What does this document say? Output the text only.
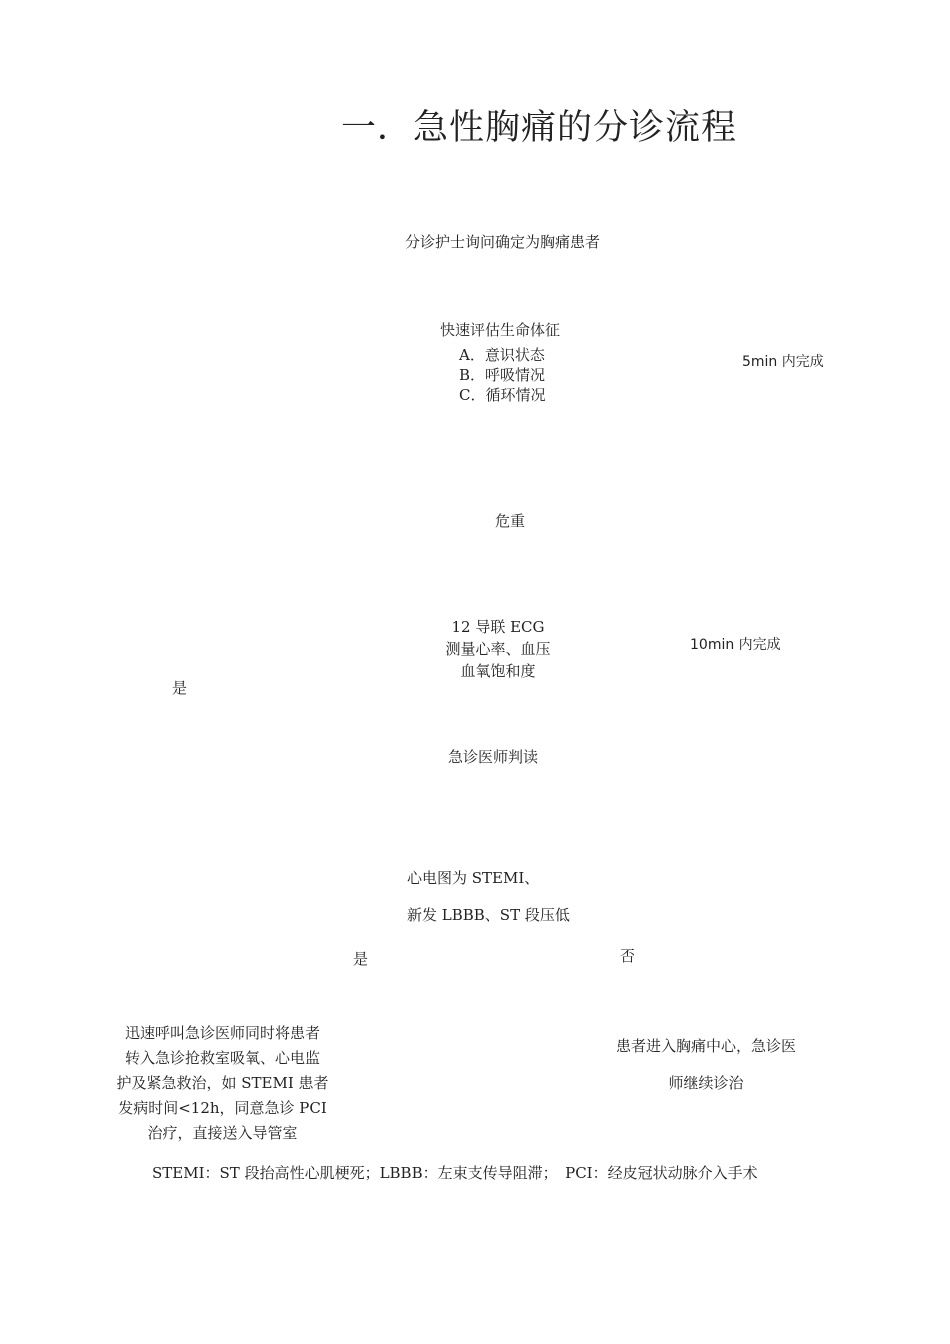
一．急性胸痛的分诊流程
分诊护士询问确定为胸痛患者
快速评估生命体征
A．意识状态
B．呼吸情况
C．循环情况
5min 内完成
危重
是
12 导联 ECG
测量心率、血压
血氧饱和度
10min 内完成
急诊医师判读
心电图为 STEMI、
新发 LBBB、ST 段压低
是	否
迅速呼叫急诊医师同时将患者
转入急诊抢救室吸氧、心电监
护及紧急救治，如 STEMI 患者
发病时间<12h，同意急诊 PCI
治疗，直接送入导管室
患者进入胸痛中心，急诊医
师继续诊治
STEMI：ST 段抬高性心肌梗死；LBBB：左束支传导阻滞；　PCI：经皮冠状动脉介入手术
